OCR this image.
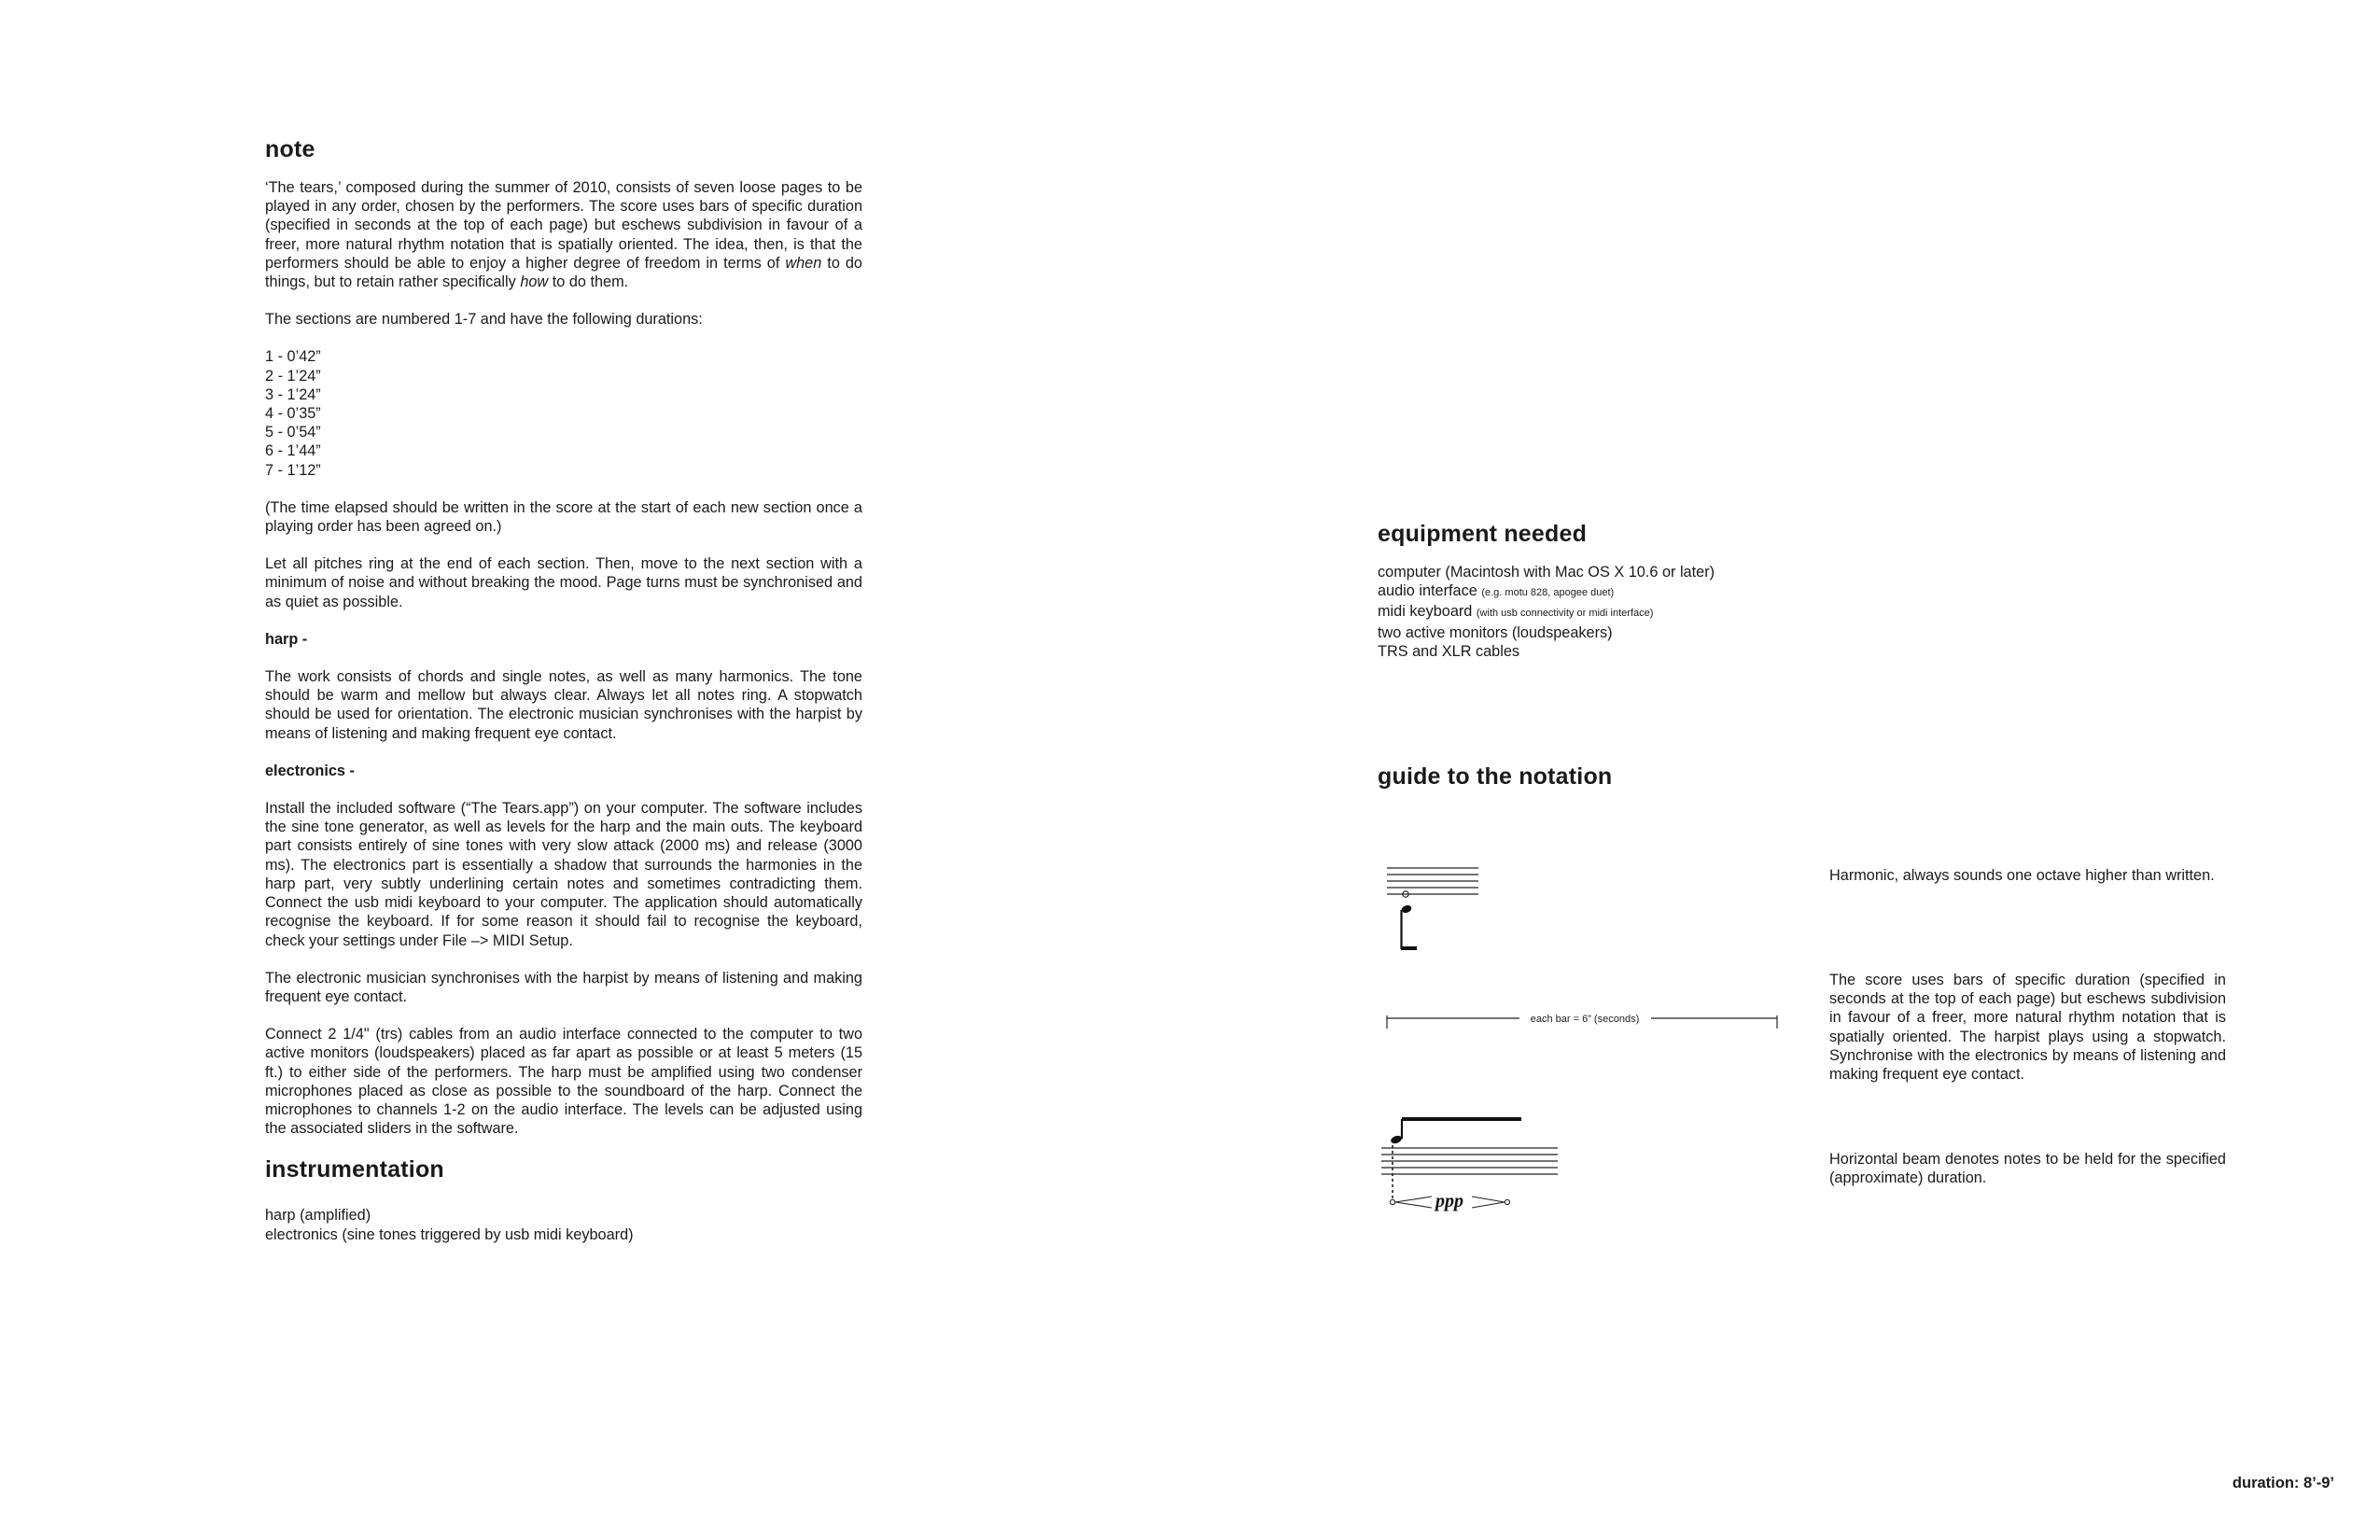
note

‘The tears,’ composed during the summer of 2010, consists of seven loose pages to be played in any order, chosen by the performers. The score uses bars of specific duration (specified in seconds at the top of each page) but eschews subdivision in favour of a freer, more natural rhythm notation that is spatially oriented. The idea, then, is that the performers should be able to enjoy a higher degree of freedom in terms of when to do things, but to retain rather specifically how to do them.

The sections are numbered 1-7 and have the following durations:

1 - 0’42”
2 - 1’24”
3 - 1’24”
4 - 0’35”
5 - 0’54”
6 - 1’44”
7 - 1’12”

(The time elapsed should be written in the score at the start of each new section once a playing order has been agreed on.)

Let all pitches ring at the end of each section. Then, move to the next section with a minimum of noise and without breaking the mood. Page turns must be synchronised and as quiet as possible.

harp -

The work consists of chords and single notes, as well as many harmonics. The tone should be warm and mellow but always clear. Always let all notes ring. A stopwatch should be used for orientation. The electronic musician synchronises with the harpist by means of listening and making frequent eye contact.

electronics -

Install the included software (“The Tears.app”) on your computer. The software includes the sine tone generator, as well as levels for the harp and the main outs. The keyboard part consists entirely of sine tones with very slow attack (2000 ms) and release (3000 ms). The electronics part is essentially a shadow that surrounds the harmonies in the harp part, very subtly underlining certain notes and sometimes contradicting them. Connect the usb midi keyboard to your computer. The application should automatically recognise the keyboard. If for some reason it should fail to recognise the keyboard, check your settings under File –> MIDI Setup.

The electronic musician synchronises with the harpist by means of listening and making frequent eye contact.

Connect 2 1/4" (trs) cables from an audio interface connected to the computer to two active monitors (loudspeakers) placed as far apart as possible or at least 5 meters (15 ft.) to either side of the performers. The harp must be amplified using two condenser microphones placed as close as possible to the soundboard of the harp. Connect the microphones to channels 1-2 on the audio interface. The levels can be adjusted using the associated sliders in the software.

instrumentation
harp (amplified)
electronics (sine tones triggered by usb midi keyboard)
equipment needed
computer (Macintosh with Mac OS X 10.6 or later)
audio interface (e.g. motu 828, apogee duet)
midi keyboard (with usb connectivity or midi interface)
two active monitors (loudspeakers)
TRS and XLR cables
guide to the notation
Harmonic, always sounds one octave higher than written.
each bar = 6” (seconds)
The score uses bars of specific duration (specified in seconds at the top of each page) but eschews subdivision in favour of a freer, more natural rhythm notation that is spatially oriented. The harpist plays using a stopwatch. Synchronise with the electronics by means of listening and making frequent eye contact.
ppp
Horizontal beam denotes notes to be held for the specified (approximate) duration.
duration: 8’-9’
